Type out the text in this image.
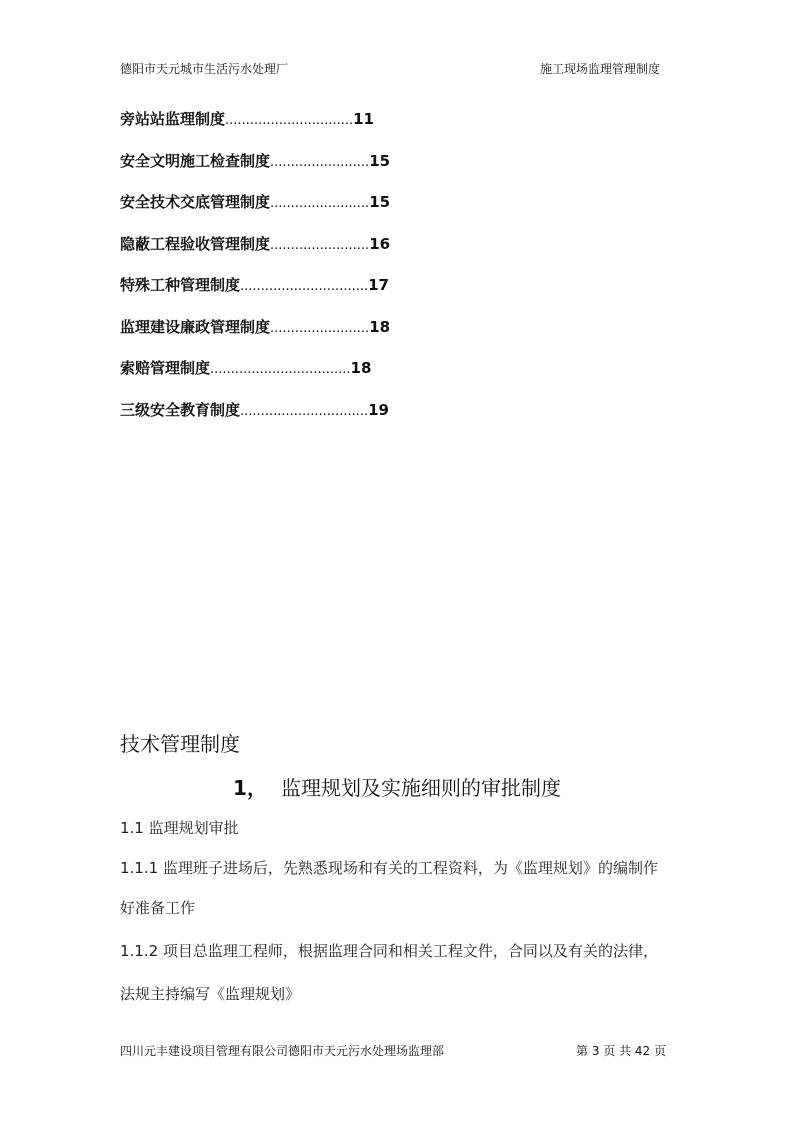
德阳市天元城市生活污水处理厂	施工现场监理管理制度
旁站站监理制度...............................11
安全文明施工检查制度........................15
安全技术交底管理制度........................15
隐蔽工程验收管理制度........................16
特殊工种管理制度...............................17
监理建设廉政管理制度........................18
索赔管理制度..................................18
三级安全教育制度...............................19
技术管理制度
1， 监理规划及实施细则的审批制度
1.1 监理规划审批
1.1.1 监理班子进场后，先熟悉现场和有关的工程资料，为《监理规划》的编制作
好准备工作
1.1.2 项目总监理工程师，根据监理合同和相关工程文件，合同以及有关的法律，
法规主持编写《监理规划》
四川元丰建设项目管理有限公司德阳市天元污水处理场监理部	第 3 页 共 42 页
